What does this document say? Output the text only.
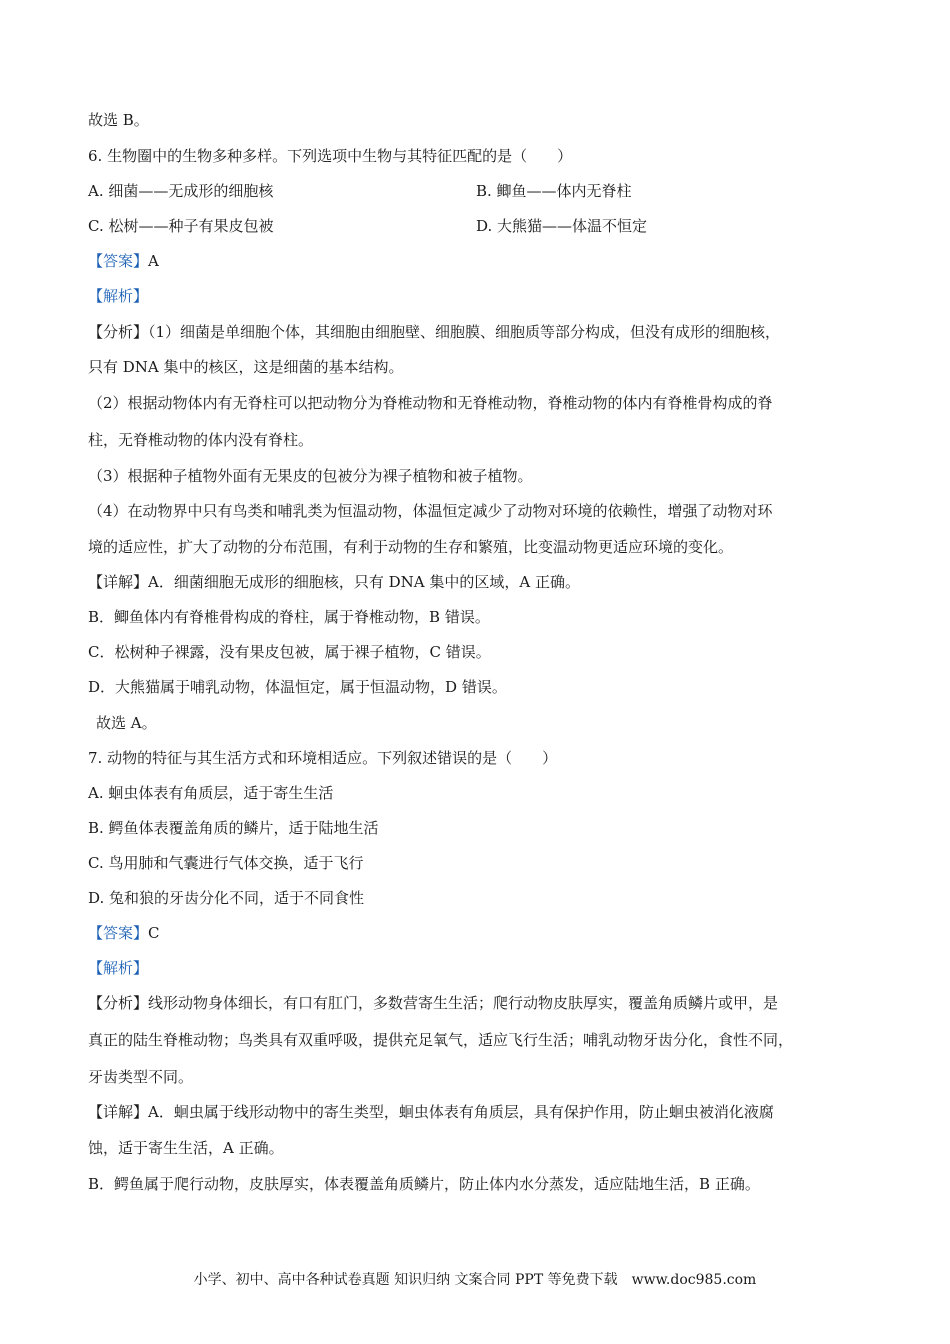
故选 B。
6. 生物圈中的生物多种多样。下列选项中生物与其特征匹配的是（　　）
A. 细菌——无成形的细胞核	B. 鲫鱼——体内无脊柱
C. 松树——种子有果皮包被	D. 大熊猫——体温不恒定
【答案】A
【解析】
【分析】（1）细菌是单细胞个体，其细胞由细胞壁、细胞膜、细胞质等部分构成，但没有成形的细胞核，
只有 DNA 集中的核区，这是细菌的基本结构。
（2）根据动物体内有无脊柱可以把动物分为脊椎动物和无脊椎动物，脊椎动物的体内有脊椎骨构成的脊
柱，无脊椎动物的体内没有脊柱。
（3）根据种子植物外面有无果皮的包被分为裸子植物和被子植物。
（4）在动物界中只有鸟类和哺乳类为恒温动物，体温恒定减少了动物对环境的依赖性，增强了动物对环
境的适应性，扩大了动物的分布范围，有利于动物的生存和繁殖，比变温动物更适应环境的变化。
【详解】A．细菌细胞无成形的细胞核，只有 DNA 集中的区域，A 正确。
B．鲫鱼体内有脊椎骨构成的脊柱，属于脊椎动物，B 错误。
C．松树种子裸露，没有果皮包被，属于裸子植物，C 错误。
D．大熊猫属于哺乳动物，体温恒定，属于恒温动物，D 错误。
故选 A。
7. 动物的特征与其生活方式和环境相适应。下列叙述错误的是（　　）
A. 蛔虫体表有角质层，适于寄生生活
B. 鳄鱼体表覆盖角质的鳞片，适于陆地生活
C. 鸟用肺和气囊进行气体交换，适于飞行
D. 兔和狼的牙齿分化不同，适于不同食性
【答案】C
【解析】
【分析】线形动物身体细长，有口有肛门，多数营寄生生活；爬行动物皮肤厚实，覆盖角质鳞片或甲，是
真正的陆生脊椎动物；鸟类具有双重呼吸，提供充足氧气，适应飞行生活；哺乳动物牙齿分化，食性不同，
牙齿类型不同。
【详解】A．蛔虫属于线形动物中的寄生类型，蛔虫体表有角质层，具有保护作用，防止蛔虫被消化液腐
蚀，适于寄生生活，A 正确。
B．鳄鱼属于爬行动物，皮肤厚实，体表覆盖角质鳞片，防止体内水分蒸发，适应陆地生活，B 正确。
小学、初中、高中各种试卷真题 知识归纳 文案合同 PPT 等免费下载 www.doc985.com
